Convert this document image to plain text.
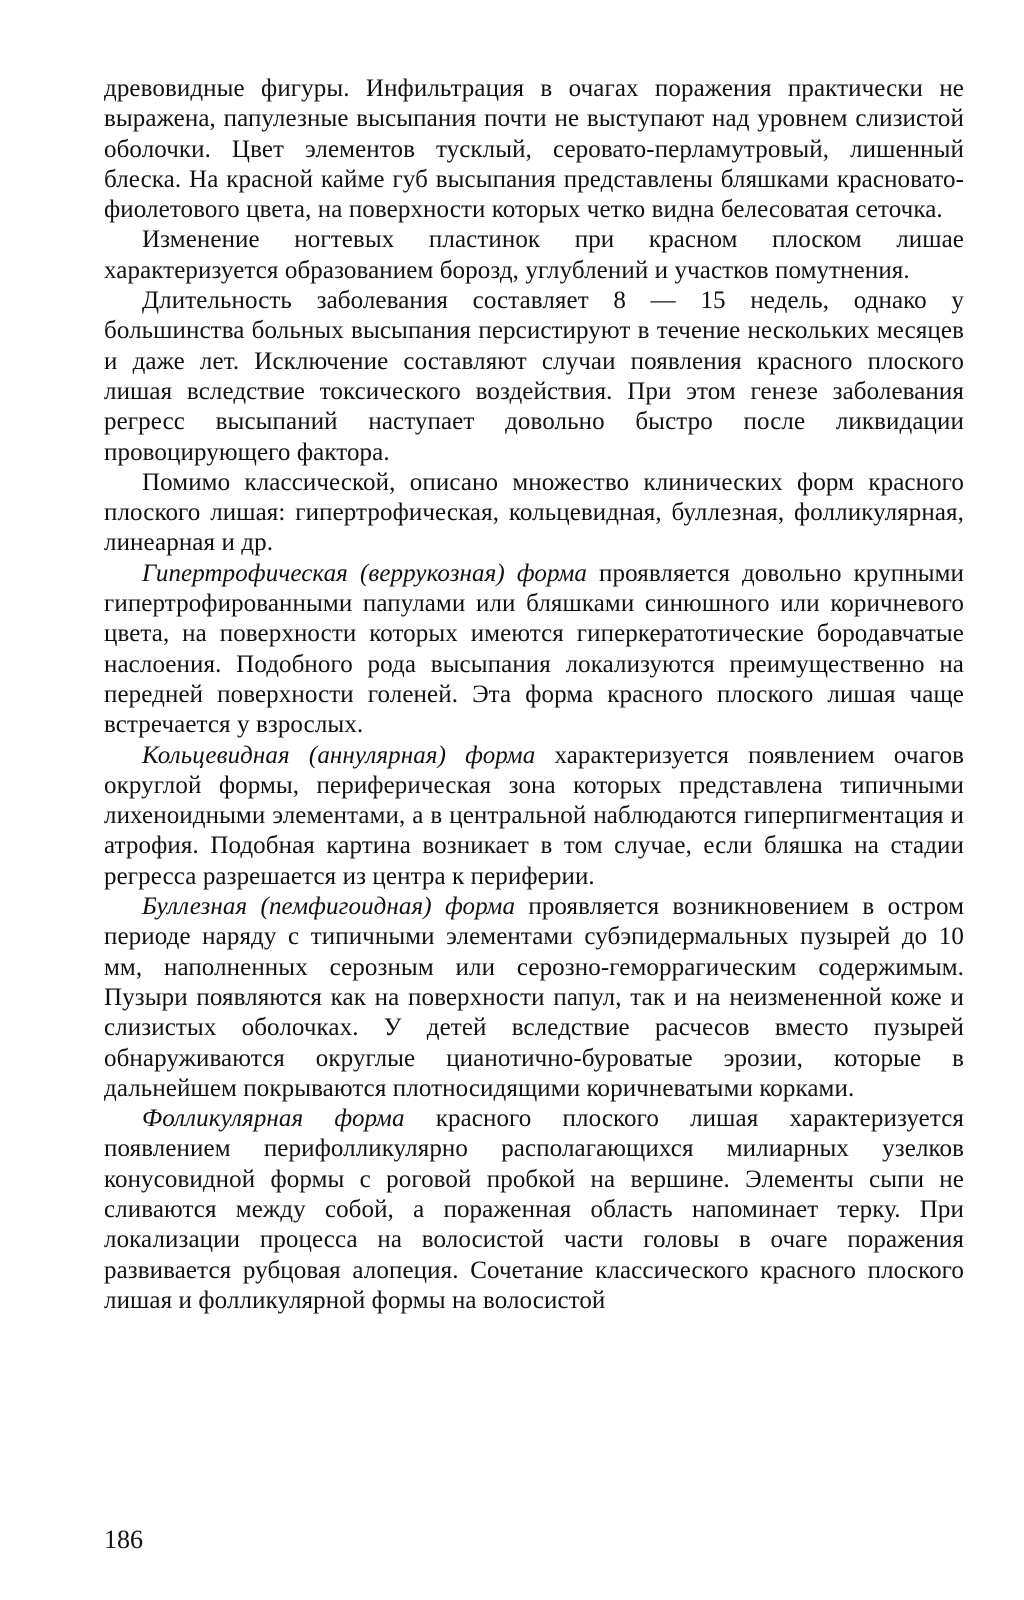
древовидные фигуры. Инфильтрация в очагах поражения практически не выражена, папулезные высыпания почти не выступают над уровнем слизистой оболочки. Цвет элементов тусклый, серовато-перламутровый, лишенный блеска. На красной кайме губ высыпания представлены бляшками красновато-фиолетового цвета, на поверхности которых четко видна белесоватая сеточка.

Изменение ногтевых пластинок при красном плоском лишае характеризуется образованием борозд, углублений и участков помутнения.

Длительность заболевания составляет 8 — 15 недель, однако у большинства больных высыпания персистируют в течение нескольких месяцев и даже лет. Исключение составляют случаи появления красного плоского лишая вследствие токсического воздействия. При этом генезе заболевания регресс высыпаний наступает довольно быстро после ликвидации провоцирующего фактора.

Помимо классической, описано множество клинических форм красного плоского лишая: гипертрофическая, кольцевидная, буллезная, фолликулярная, линеарная и др.

Гипертрофическая (веррукозная) форма проявляется довольно крупными гипертрофированными папулами или бляшками синюшного или коричневого цвета, на поверхности которых имеются гиперкератотические бородавчатые наслоения. Подобного рода высыпания локализуются преимущественно на передней поверхности голеней. Эта форма красного плоского лишая чаще встречается у взрослых.

Кольцевидная (аннулярная) форма характеризуется появлением очагов округлой формы, периферическая зона которых представлена типичными лихеноидными элементами, а в центральной наблюдаются гиперпигментация и атрофия. Подобная картина возникает в том случае, если бляшка на стадии регресса разрешается из центра к периферии.

Буллезная (пемфигоидная) форма проявляется возникновением в остром периоде наряду с типичными элементами субэпидермальных пузырей до 10 мм, наполненных серозным или серозно-геморрагическим содержимым. Пузыри появляются как на поверхности папул, так и на неизмененной коже и слизистых оболочках. У детей вследствие расчесов вместо пузырей обнаруживаются округлые цианотично-буроватые эрозии, которые в дальнейшем покрываются плотносидящими коричневатыми корками.

Фолликулярная форма красного плоского лишая характеризуется появлением перифолликулярно располагающихся милиарных узелков конусовидной формы с роговой пробкой на вершине. Элементы сыпи не сливаются между собой, а пораженная область напоминает терку. При локализации процесса на волосистой части головы в очаге поражения развивается рубцовая алопеция. Сочетание классического красного плоского лишая и фолликулярной формы на волосистой

186
